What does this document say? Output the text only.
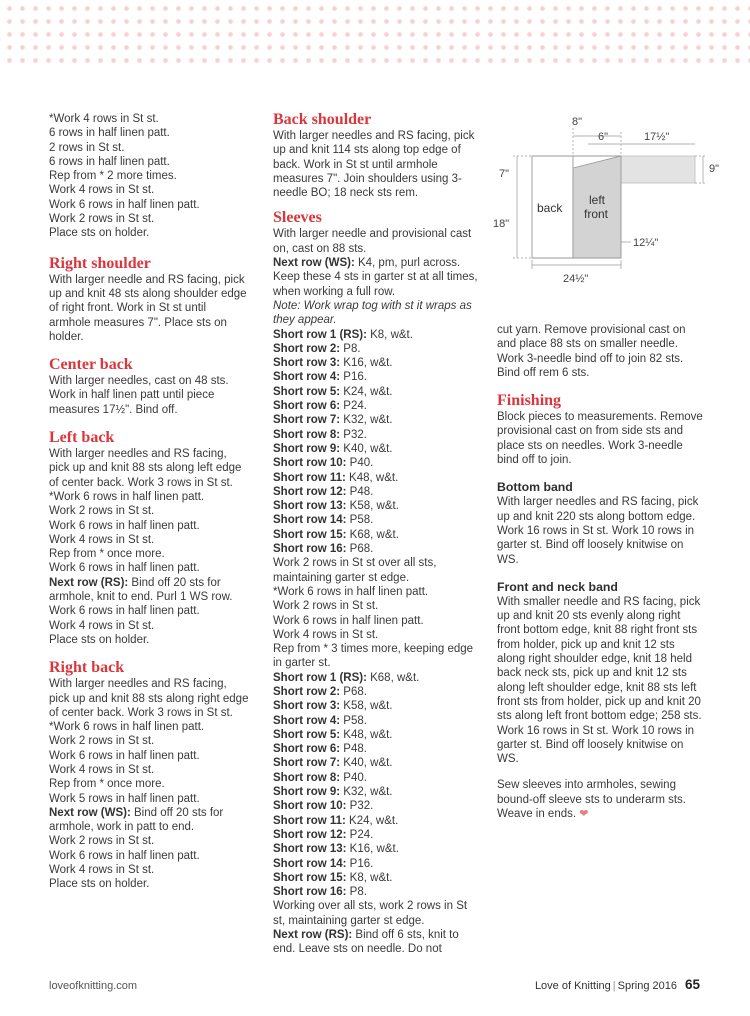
*Work 4 rows in St st.

6 rows in half linen patt.

2 rows in St st.

6 rows in half linen patt.

Rep from * 2 more times.

Work 4 rows in St st.

Work 6 rows in half linen patt.

Work 2 rows in St st.

Place sts on holder.

Right shoulder

With larger needle and RS facing, pick up and knit 48 sts along shoulder edge of right front. Work in St st until armhole measures 7". Place sts on holder.

Center back

With larger needles, cast on 48 sts. Work in half linen patt until piece measures 17½". Bind off.

Left back

With larger needles and RS facing, pick up and knit 88 sts along left edge of center back. Work 3 rows in St st.

*Work 6 rows in half linen patt.

Work 2 rows in St st.

Work 6 rows in half linen patt.

Work 4 rows in St st.

Rep from * once more.

Work 6 rows in half linen patt.

Next row (RS): Bind off 20 sts for armhole, knit to end. Purl 1 WS row.

Work 6 rows in half linen patt.

Work 4 rows in St st.

Place sts on holder.

Right back

With larger needles and RS facing, pick up and knit 88 sts along right edge of center back. Work 3 rows in St st.

*Work 6 rows in half linen patt.

Work 2 rows in St st.

Work 6 rows in half linen patt.

Work 4 rows in St st.

Rep from * once more.

Work 5 rows in half linen patt.

Next row (WS): Bind off 20 sts for armhole, work in patt to end.

Work 2 rows in St st.

Work 6 rows in half linen patt.

Work 4 rows in St st.

Place sts on holder.

Back shoulder

With larger needles and RS facing, pick up and knit 114 sts along top edge of back. Work in St st until armhole measures 7". Join shoulders using 3-needle BO; 18 neck sts rem.

Sleeves

With larger needle and provisional cast on, cast on 88 sts.

Next row (WS): K4, pm, purl across. Keep these 4 sts in garter st at all times, when working a full row.

Note: Work wrap tog with st it wraps as they appear.

Short row 1 (RS): K8, w&t.

Short row 2: P8.

Short row 3: K16, w&t.

Short row 4: P16.

Short row 5: K24, w&t.

Short row 6: P24.

Short row 7: K32, w&t.

Short row 8: P32.

Short row 9: K40, w&t.

Short row 10: P40.

Short row 11: K48, w&t.

Short row 12: P48.

Short row 13: K58, w&t.

Short row 14: P58.

Short row 15: K68, w&t.

Short row 16: P68.

Work 2 rows in St st over all sts, maintaining garter st edge.

*Work 6 rows in half linen patt.

Work 2 rows in St st.

Work 6 rows in half linen patt.

Work 4 rows in St st.

Rep from * 3 times more, keeping edge in garter st.

Short row 1 (RS): K68, w&t.

Short row 2: P68.

Short row 3: K58, w&t.

Short row 4: P58.

Short row 5: K48, w&t.

Short row 6: P48.

Short row 7: K40, w&t.

Short row 8: P40.

Short row 9: K32, w&t.

Short row 10: P32.

Short row 11: K24, w&t.

Short row 12: P24.

Short row 13: K16, w&t.

Short row 14: P16.

Short row 15: K8, w&t.

Short row 16: P8.

Working over all sts, work 2 rows in St st, maintaining garter st edge.

Next row (RS): Bind off 6 sts, knit to end. Leave sts on needle. Do not

cut yarn. Remove provisional cast on and place 88 sts on smaller needle. Work 3-needle bind off to join 82 sts. Bind off rem 6 sts.

Finishing

Block pieces to measurements. Remove provisional cast on from side sts and place sts on needles. Work 3-needle bind off to join.

Bottom band

With larger needles and RS facing, pick up and knit 220 sts along bottom edge. Work 16 rows in St st. Work 10 rows in garter st. Bind off loosely knitwise on WS.

Front and neck band

With smaller needle and RS facing, pick up and knit 20 sts evenly along right front bottom edge, knit 88 right front sts from holder, pick up and knit 12 sts along right shoulder edge, knit 18 held back neck sts, pick up and knit 12 sts along left shoulder edge, knit 88 sts left front sts from holder, pick up and knit 20 sts along left front bottom edge; 258 sts. Work 16 rows in St st. Work 10 rows in garter st. Bind off loosely knitwise on WS.

Sew sleeves into armholes, sewing bound-off sleeve sts to underarm sts. Weave in ends. ❤

8"
6"	17½"
9"
7"
18"
12¼"
24½"
back
left
front
loveofknitting.com	Love of Knitting | Spring 2016 65
